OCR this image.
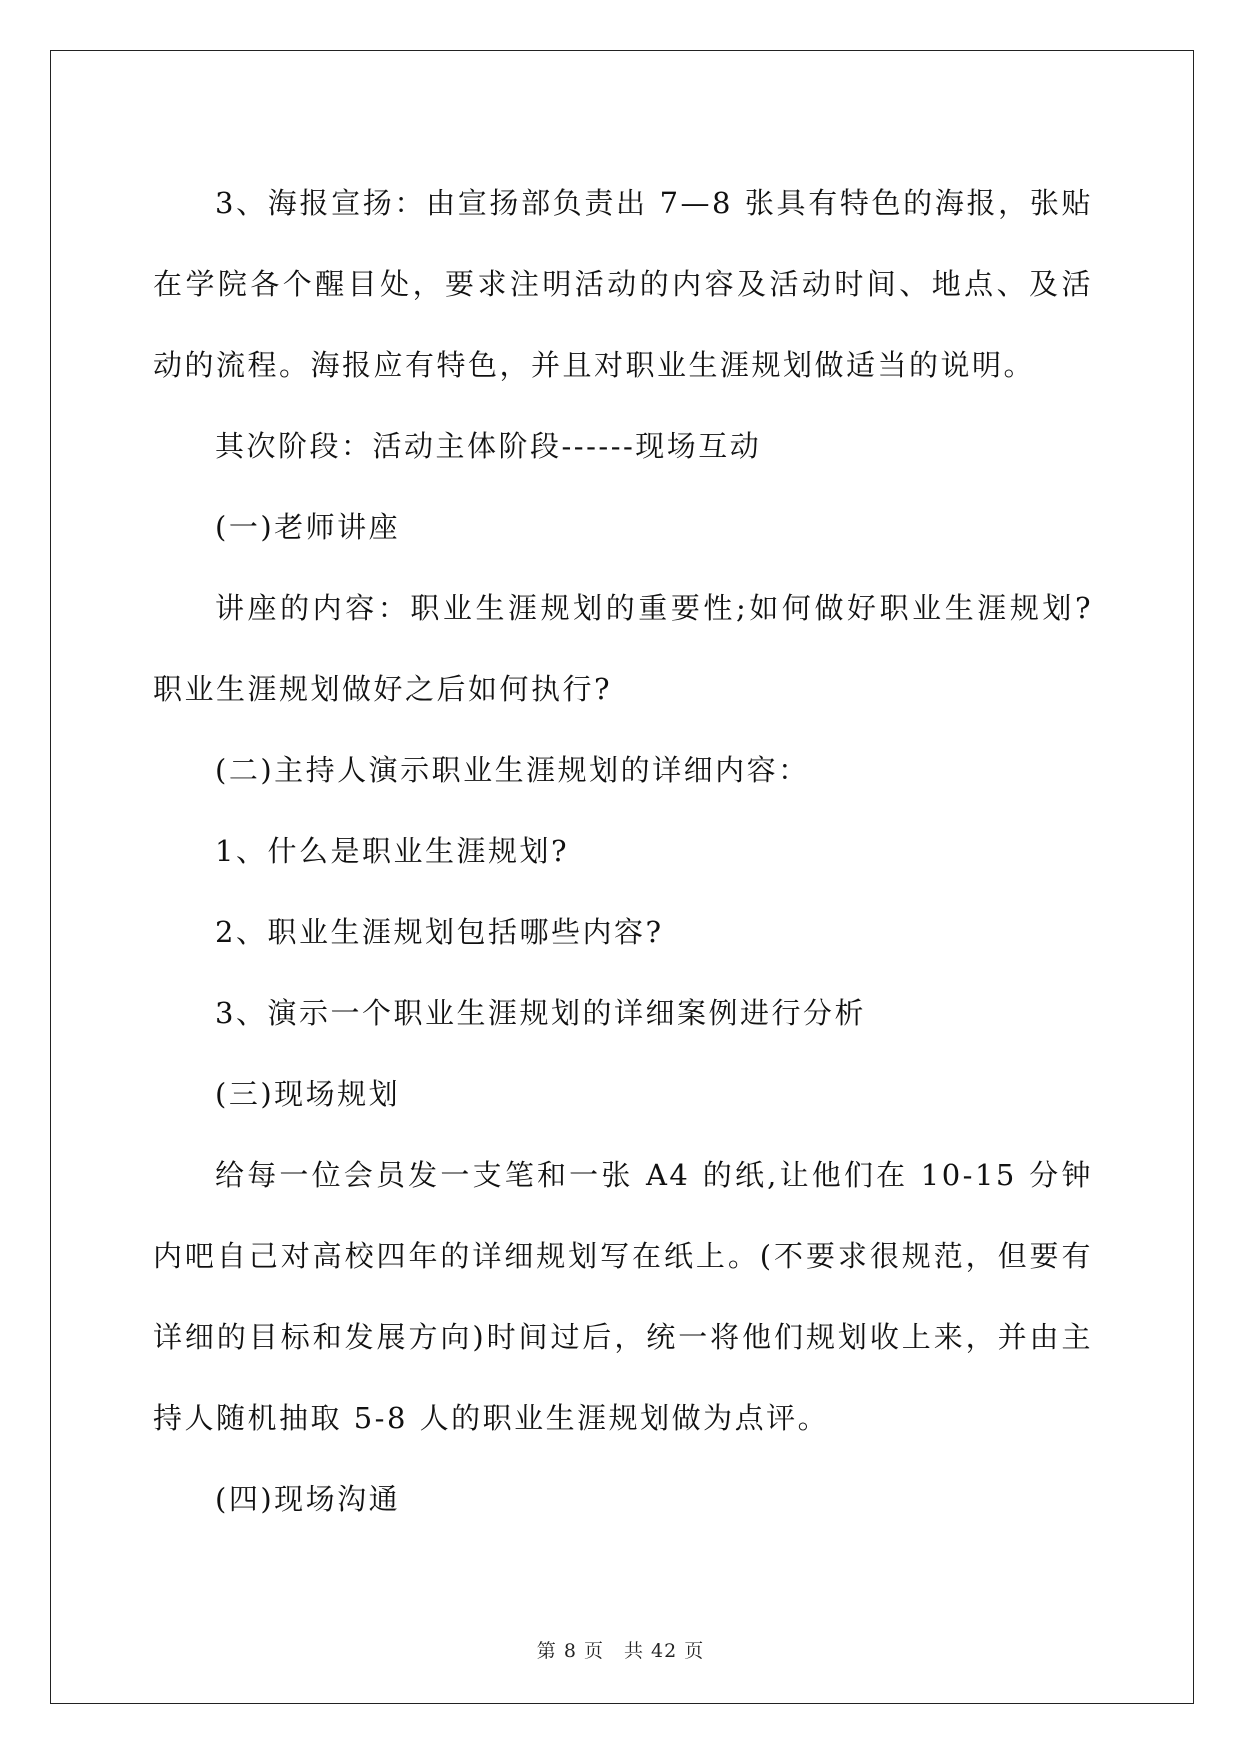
3、海报宣扬：由宣扬部负责出 7—8 张具有特色的海报，张贴在学院各个醒目处，要求注明活动的内容及活动时间、地点、及活动的流程。海报应有特色，并且对职业生涯规划做适当的说明。

其次阶段：活动主体阶段------现场互动

(一)老师讲座

讲座的内容：职业生涯规划的重要性;如何做好职业生涯规划?职业生涯规划做好之后如何执行?

(二)主持人演示职业生涯规划的详细内容：

1、什么是职业生涯规划?

2、职业生涯规划包括哪些内容?

3、演示一个职业生涯规划的详细案例进行分析

(三)现场规划

给每一位会员发一支笔和一张 A4 的纸,让他们在 10-15 分钟内吧自己对高校四年的详细规划写在纸上。(不要求很规范，但要有详细的目标和发展方向)时间过后，统一将他们规划收上来，并由主持人随机抽取 5-8 人的职业生涯规划做为点评。

(四)现场沟通

第 8 页 共 42 页
